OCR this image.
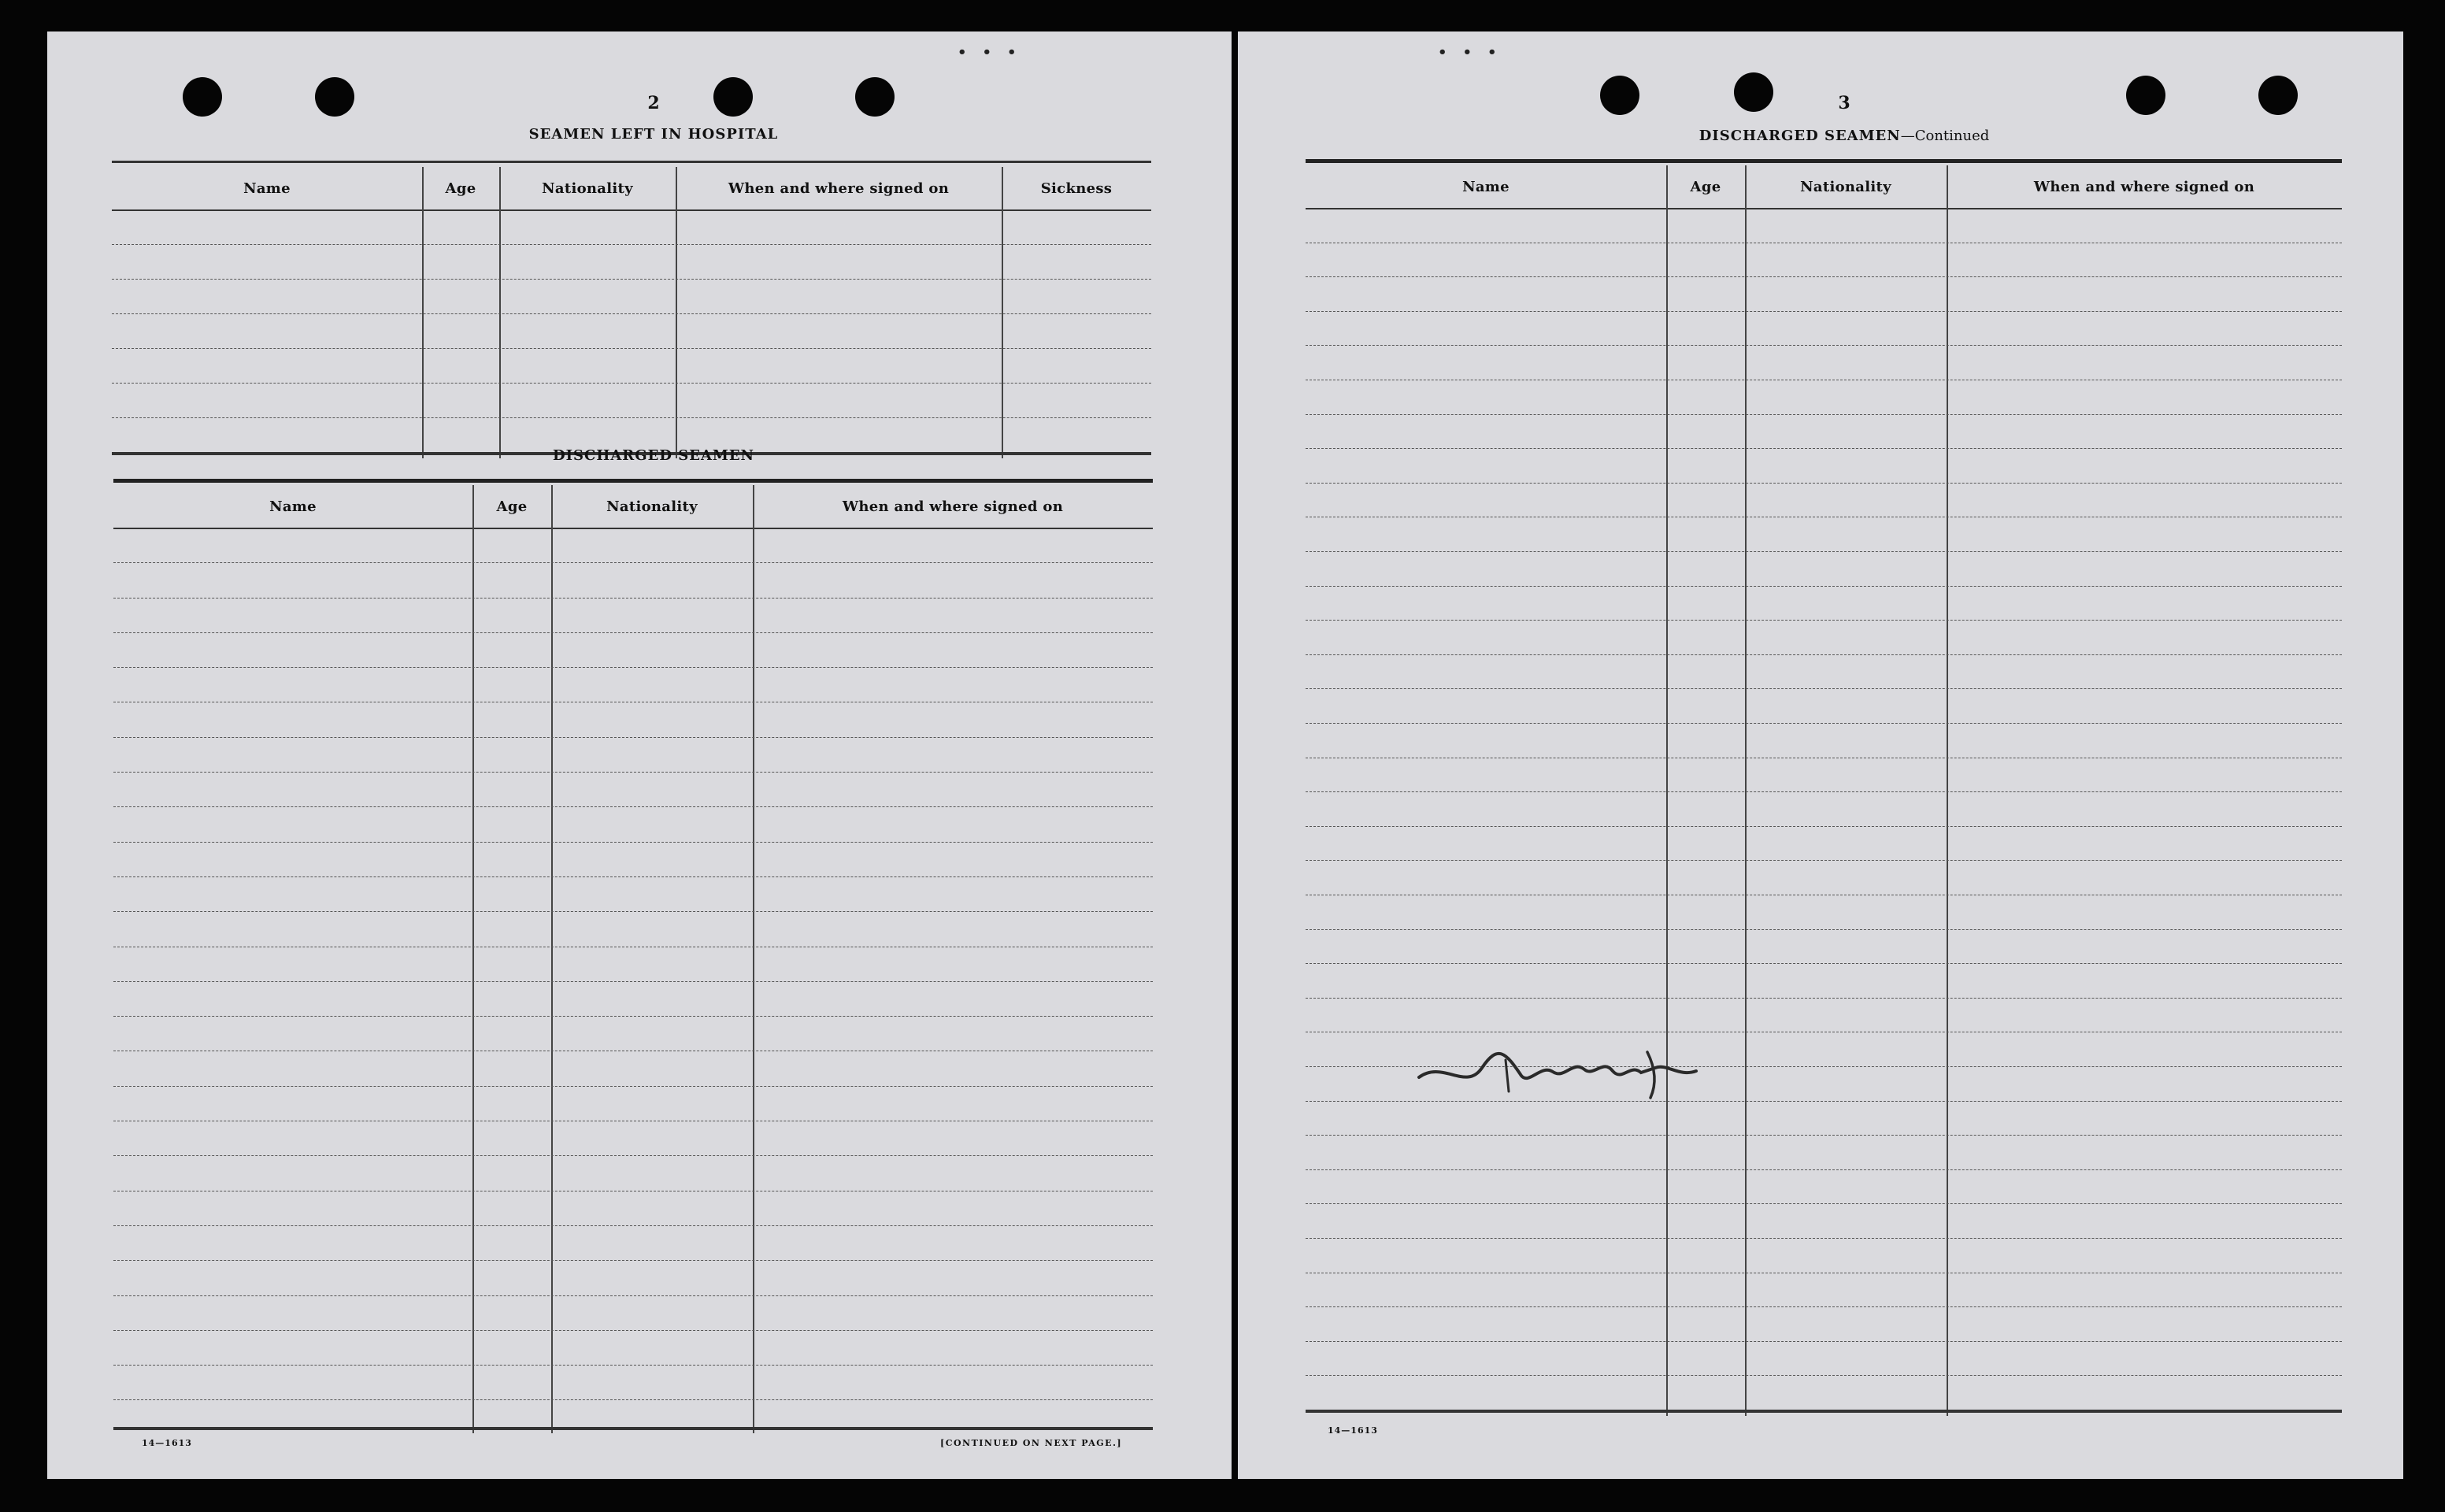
•••
2
SEAMEN LEFT IN HOSPITAL
Name	Age	Nationality	When and where signed on	Sickness
DISCHARGED SEAMEN
Name	Age	Nationality	When and where signed on
14—1613	[CONTINUED ON NEXT PAGE.]
•••
3
DISCHARGED SEAMEN—Continued
Name	Age	Nationality	When and where signed on
14—1613
